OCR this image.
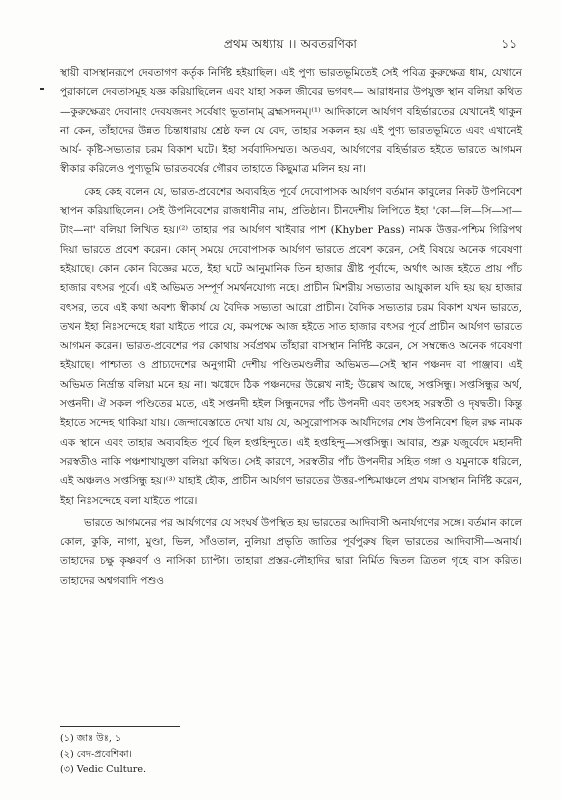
প্রথম অধ্যায় ।। অবতরণিকা	১১

স্থায়ী বাসস্থানরূপে দেবতাগণ কর্তৃক নির্দিষ্ট হইয়াছিল। এই পুণ্য ভারতভূমিতেই সেই পবিত্র কুরুক্ষেত্র ধাম, যেখানে পুরাকালে দেবতাসমূহ যজ্ঞ করিয়াছিলেন এবং যাহা সকল জীবের ভগবৎ— আরাধনার উপযুক্ত স্থান বলিয়া কথিত—কুরুক্ষেত্রং দেবানাং দেবযজনং সর্বেষাং ভূতানাম্ ব্রহ্মসদনম্।⁽¹⁾ আদিকালে আর্যগণ বহির্ভারতের যেখানেই থাকুন না কেন, তাঁহাদের উন্নত চিন্তাধারায় শ্রেষ্ঠ ফল যে বেদ, তাহার সকলন হয় এই পুণ্য ভারতভূমিতে এবং এখানেই আর্য- কৃষ্টি-সভ্যতার চরম বিকাশ ঘটে। ইহা সর্ববাদিসম্মত। অতএব, আর্যগণের বহির্ভারত হইতে ভারতে আগমন স্বীকার করিলেও পুণ্যভূমি ভারতবর্ষের গৌরব তাহাতে কিছুমাত্র মলিন হয় না।

কেহ কেহ বলেন যে, ভারত-প্রবেশের অব্যবহিত পূর্বে দেবোপাসক আর্যগণ বর্তমান কাবুলের নিকট উপনিবেশ স্থাপন করিয়াছিলেন। সেই উপনিবেশের রাজধানীর নাম, প্রতিষ্ঠান। চীনদেশীয় লিপিতে ইহা 'কো—লি—সি—সা—টাং—না' বলিয়া লিখিত হয়।⁽²⁾ তাহার পর আর্যগণ খাইবার পাশ (Khyber Pass) নামক উত্তর-পশ্চিম গিরিপথ দিয়া ভারতে প্রবেশ করেন। কোন্ সময়ে দেবোপাসক আর্যগণ ভারতে প্রবেশ করেন, সেই বিষয়ে অনেক গবেষণা হইয়াছে। কোন কোন বিজ্ঞের মতে, ইহা ঘটে আনুমানিক তিন হাজার খ্রীষ্ট পূর্বাব্দে, অর্থাৎ আজ হইতে প্রায় পাঁচ হাজার বৎসর পূর্বে। এই অভিমত সম্পূর্ণ সমর্থনযোগ্য নহে। প্রাচীন মিশরীয় সভ্যতার আয়ুকাল যদি হয় ছয় হাজার বৎসর, তবে এই কথা অবশ্য স্বীকার্য যে বৈদিক সভ্যতা আরো প্রাচীন। বৈদিক সভ্যতার চরম বিকাশ যখন ভারতে, তখন ইহা নিঃসন্দেহে ধরা যাইতে পারে যে, কমপক্ষে আজ হইতে সাত হাজার বৎসর পূর্বে প্রাচীন আর্যগণ ভারতে আগমন করেন। ভারত-প্রবেশের পর কোথায় সর্বপ্রথম তাঁহারা বাসস্থান নির্দিষ্ট করেন, সে সম্বন্ধেও অনেক গবেষণা হইয়াছে। পাশ্চাত্য ও প্রাচ্যদেশের অনুগামী দেশীয় পণ্ডিতমণ্ডলীর অভিমত—সেই স্থান পঞ্চনদ বা পাঞ্জাব। এই অভিমত নির্ভ্রান্ত বলিয়া মনে হয় না। ঋগ্বেদে ঠিক পঞ্চনদের উল্লেখ নাই; উল্লেখ আছে, সপ্তসিন্ধু। সপ্তসিন্ধুর অর্থ, সপ্তনদী। ঐ সকল পণ্ডিতের মতে, এই সপ্তনদী হইল সিন্ধুনদের পাঁচ উপনদী এবং তৎসহ সরস্বতী ও দৃষদ্বতী। কিন্তু ইহাতে সন্দেহ থাকিয়া যায়। জেন্দাবেস্তাতে দেখা যায় যে, অসুরোপাসক আর্যদিগের শেষ উপনিবেশ ছিল রক্ষ নামক এক স্থানে এবং তাহার অব্যবহিত পূর্বে ছিল হপ্তহিন্দুতে। এই হপ্তহিন্দু—সপ্তসিন্ধু। আবার, শুক্ল যজুর্বেদে মহানদী সরস্বতীও নাকি পঞ্চশাখাযুক্তা বলিয়া কথিত। সেই কারণে, সরস্বতীর পাঁচ উপনদীর সহিত গঙ্গা ও যমুনাকে ধরিলে, এই অঞ্চলও সপ্তসিন্ধু হয়।⁽³⁾ যাহাই হৌক, প্রাচীন আর্যগণ ভারতের উত্তর-পশ্চিমাঞ্চলে প্রথম বাসস্থান নির্দিষ্ট করেন, ইহা নিঃসন্দেহে বলা যাইতে পারে।

ভারতে আগমনের পর আর্যগণের যে সংঘর্ষ উপস্থিত হয় ভারতের আদিবাসী অনার্যগণের সঙ্গে। বর্তমান কালে কোল, কুকি, নাগা, মুণ্ডা, ভিল, সাঁওতাল, নুলিয়া প্রভৃতি জাতির পূর্বপুরুষ ছিল ভারতের আদিবাসী—অনার্য। তাহাদের চক্ষু কৃষ্ণবর্ণ ও নাসিকা চ্যাপ্টা। তাহারা প্রস্তর-লৌহাদির দ্বারা নির্মিত দ্বিতল ত্রিতল গৃহে বাস করিত। তাহাদের অশ্বগবাদি পশুও

(১) জাঃ উঃ, ১
(২) বেদ-প্রবেশিকা।
(৩) Vedic Culture.
